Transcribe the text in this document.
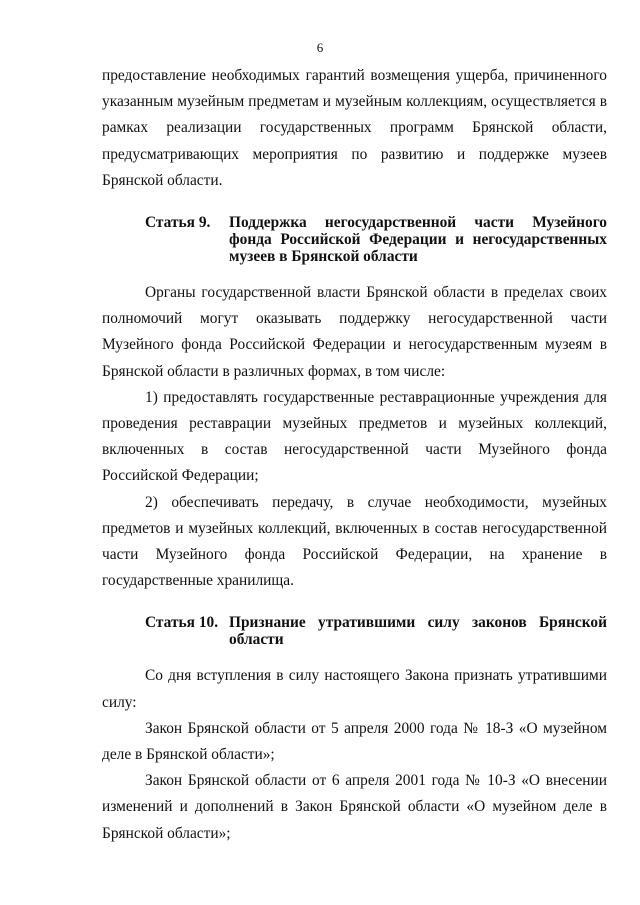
6

предоставление необходимых гарантий возмещения ущерба, причиненного указанным музейным предметам и музейным коллекциям, осуществляется в рамках реализации государственных программ Брянской области, предусматривающих мероприятия по развитию и поддержке музеев Брянской области.

Статья 9.	Поддержка негосударственной части Музейного фонда Российской Федерации и негосударственных музеев в Брянской области

Органы государственной власти Брянской области в пределах своих полномочий могут оказывать поддержку негосударственной части Музейного фонда Российской Федерации и негосударственным музеям в Брянской области в различных формах, в том числе:

1) предоставлять государственные реставрационные учреждения для проведения реставрации музейных предметов и музейных коллекций, включенных в состав негосударственной части Музейного фонда Российской Федерации;

2) обеспечивать передачу, в случае необходимости, музейных предметов и музейных коллекций, включенных в состав негосударственной части Музейного фонда Российской Федерации, на хранение в государственные хранилища.

Статья 10. Признание утратившими силу законов Брянской области

Со дня вступления в силу настоящего Закона признать утратившими силу:

Закон Брянской области от 5 апреля 2000 года № 18-З «О музейном деле в Брянской области»;

Закон Брянской области от 6 апреля 2001 года № 10-З «О внесении изменений и дополнений в Закон Брянской области «О музейном деле в Брянской области»;
